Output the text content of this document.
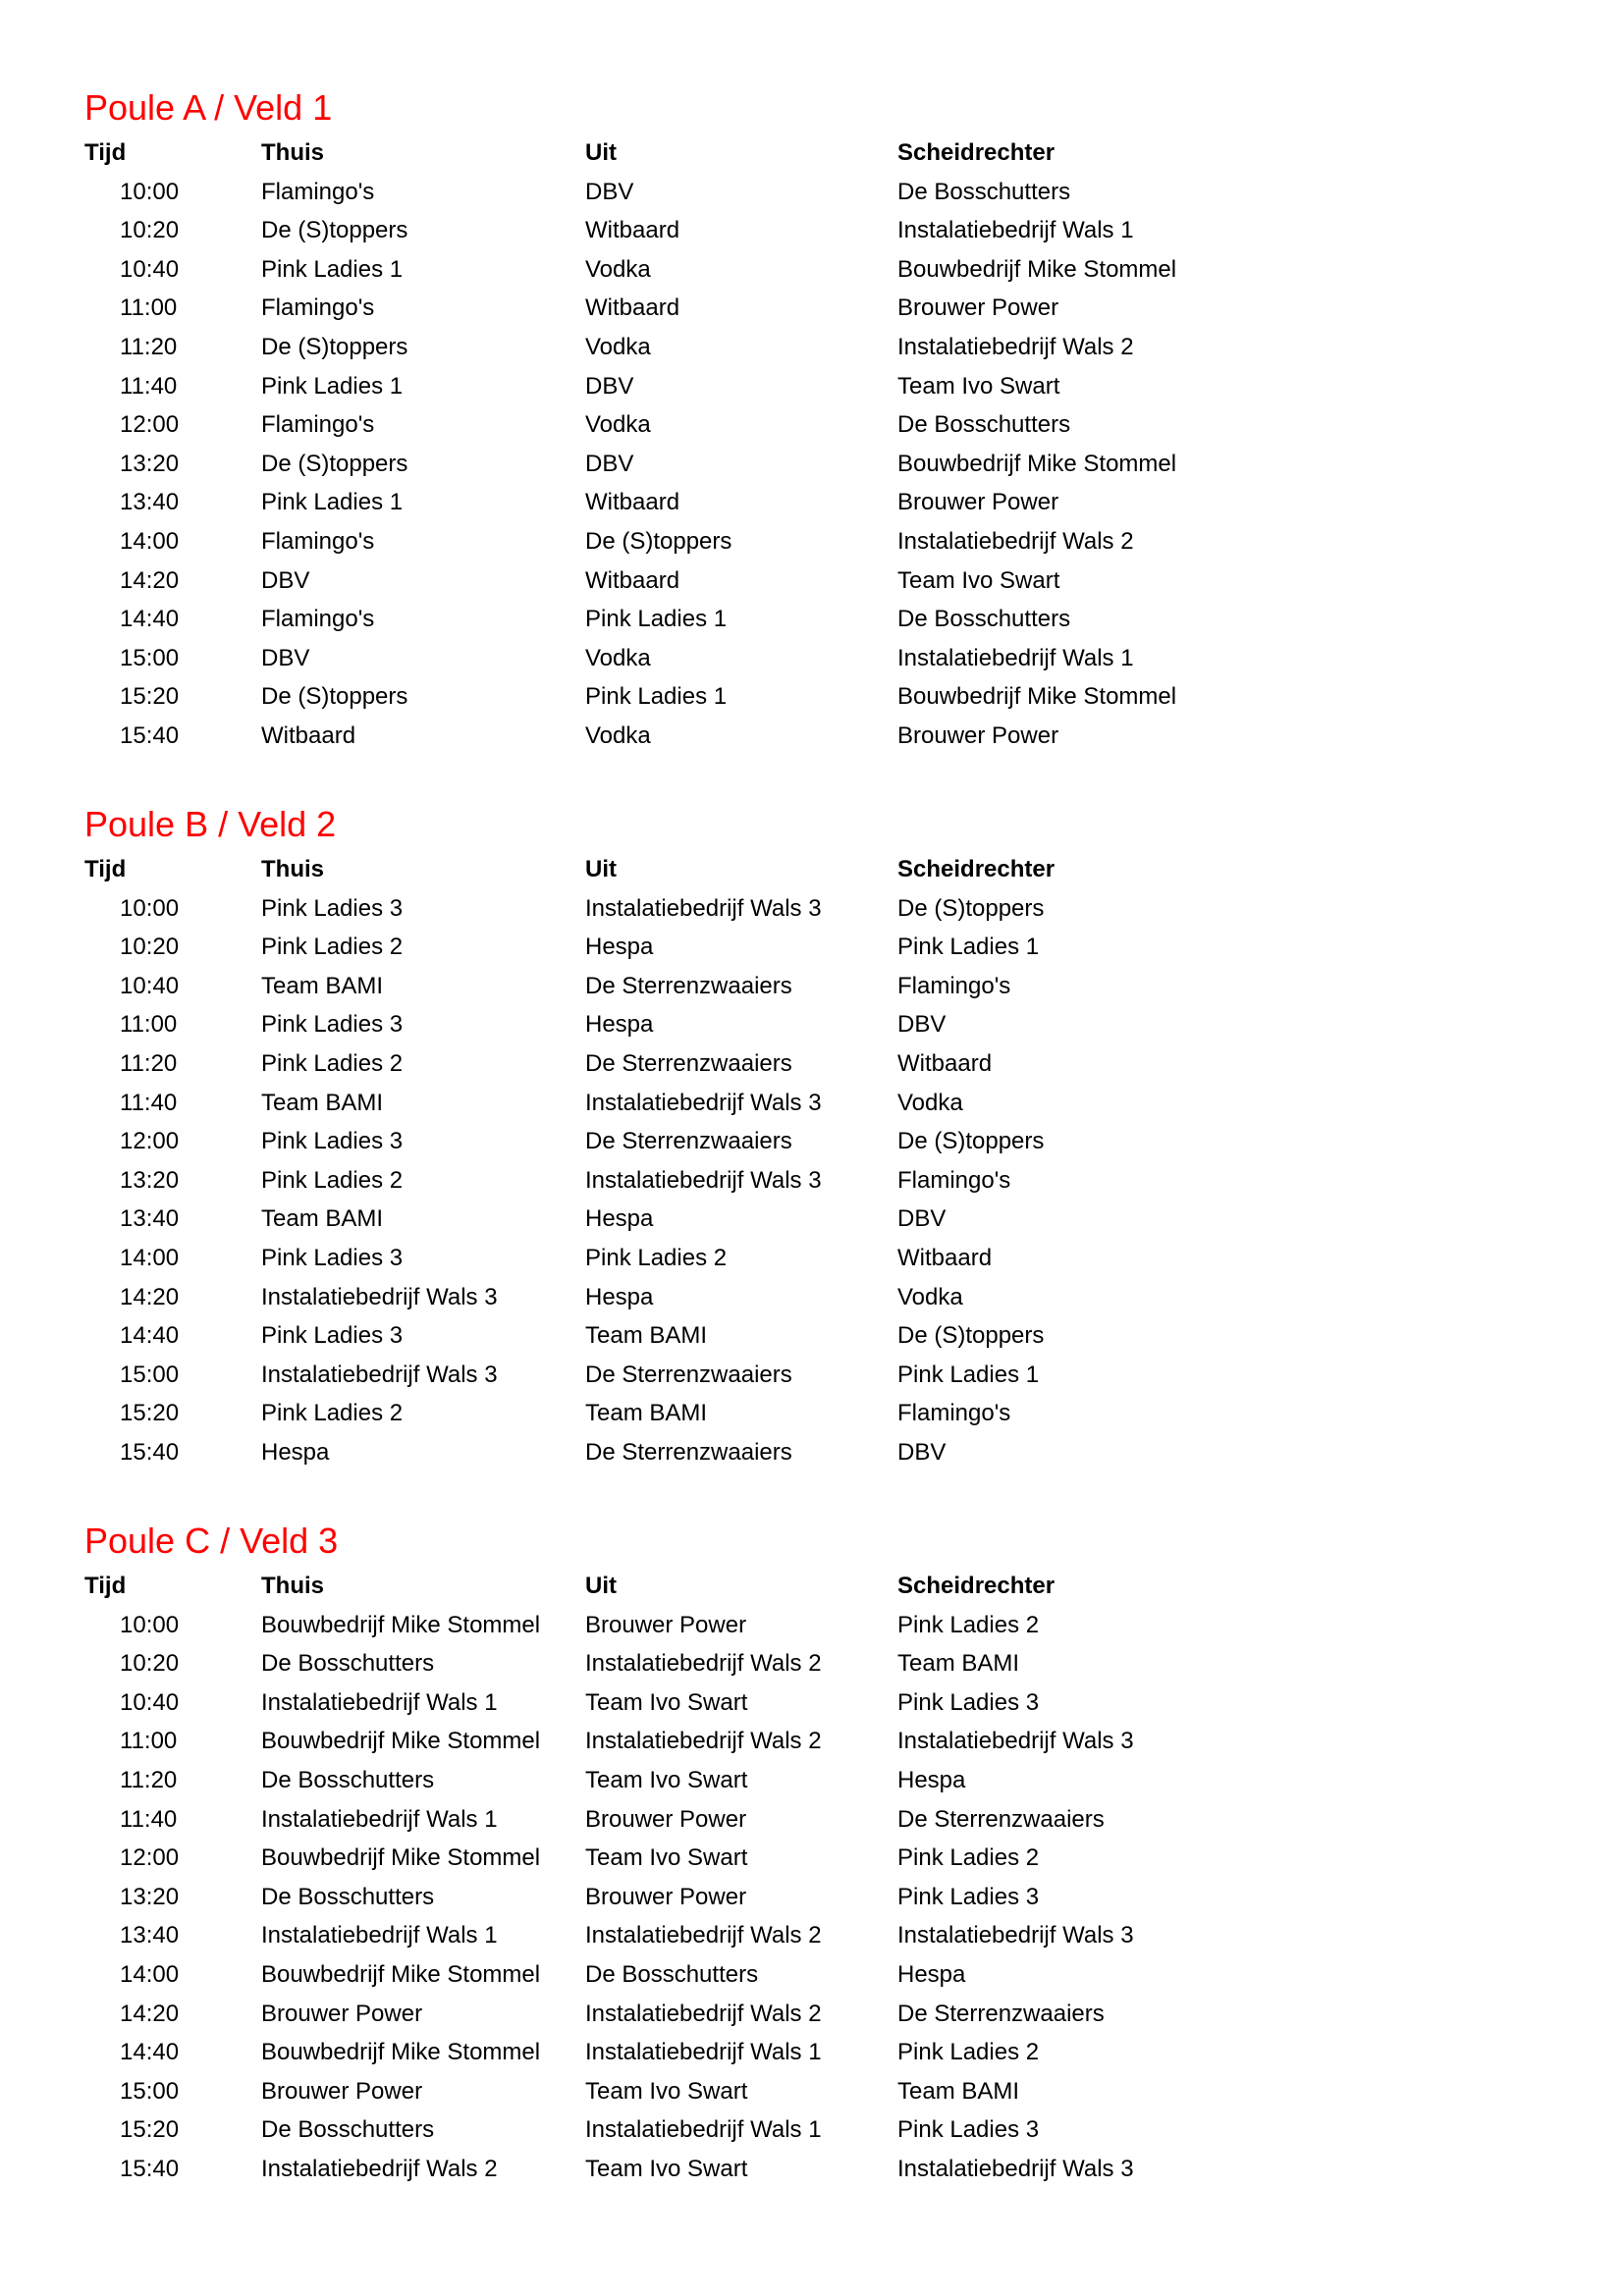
Poule A / Veld 1
Tijd	Thuis	Uit	Scheidrechter
10:00	Flamingo's	DBV	De Bosschutters
10:20	De (S)toppers	Witbaard	Instalatiebedrijf Wals 1
10:40	Pink Ladies 1	Vodka	Bouwbedrijf Mike Stommel
11:00	Flamingo's	Witbaard	Brouwer Power
11:20	De (S)toppers	Vodka	Instalatiebedrijf Wals 2
11:40	Pink Ladies 1	DBV	Team Ivo Swart
12:00	Flamingo's	Vodka	De Bosschutters
13:20	De (S)toppers	DBV	Bouwbedrijf Mike Stommel
13:40	Pink Ladies 1	Witbaard	Brouwer Power
14:00	Flamingo's	De (S)toppers	Instalatiebedrijf Wals 2
14:20	DBV	Witbaard	Team Ivo Swart
14:40	Flamingo's	Pink Ladies 1	De Bosschutters
15:00	DBV	Vodka	Instalatiebedrijf Wals 1
15:20	De (S)toppers	Pink Ladies 1	Bouwbedrijf Mike Stommel
15:40	Witbaard	Vodka	Brouwer Power
Poule B / Veld 2
Tijd	Thuis	Uit	Scheidrechter
10:00	Pink Ladies 3	Instalatiebedrijf Wals 3	De (S)toppers
10:20	Pink Ladies 2	Hespa	Pink Ladies 1
10:40	Team BAMI	De Sterrenzwaaiers	Flamingo's
11:00	Pink Ladies 3	Hespa	DBV
11:20	Pink Ladies 2	De Sterrenzwaaiers	Witbaard
11:40	Team BAMI	Instalatiebedrijf Wals 3	Vodka
12:00	Pink Ladies 3	De Sterrenzwaaiers	De (S)toppers
13:20	Pink Ladies 2	Instalatiebedrijf Wals 3	Flamingo's
13:40	Team BAMI	Hespa	DBV
14:00	Pink Ladies 3	Pink Ladies 2	Witbaard
14:20	Instalatiebedrijf Wals 3	Hespa	Vodka
14:40	Pink Ladies 3	Team BAMI	De (S)toppers
15:00	Instalatiebedrijf Wals 3	De Sterrenzwaaiers	Pink Ladies 1
15:20	Pink Ladies 2	Team BAMI	Flamingo's
15:40	Hespa	De Sterrenzwaaiers	DBV
Poule C / Veld 3
Tijd	Thuis	Uit	Scheidrechter
10:00	Bouwbedrijf Mike Stommel	Brouwer Power	Pink Ladies 2
10:20	De Bosschutters	Instalatiebedrijf Wals 2	Team BAMI
10:40	Instalatiebedrijf Wals 1	Team Ivo Swart	Pink Ladies 3
11:00	Bouwbedrijf Mike Stommel	Instalatiebedrijf Wals 2	Instalatiebedrijf Wals 3
11:20	De Bosschutters	Team Ivo Swart	Hespa
11:40	Instalatiebedrijf Wals 1	Brouwer Power	De Sterrenzwaaiers
12:00	Bouwbedrijf Mike Stommel	Team Ivo Swart	Pink Ladies 2
13:20	De Bosschutters	Brouwer Power	Pink Ladies 3
13:40	Instalatiebedrijf Wals 1	Instalatiebedrijf Wals 2	Instalatiebedrijf Wals 3
14:00	Bouwbedrijf Mike Stommel	De Bosschutters	Hespa
14:20	Brouwer Power	Instalatiebedrijf Wals 2	De Sterrenzwaaiers
14:40	Bouwbedrijf Mike Stommel	Instalatiebedrijf Wals 1	Pink Ladies 2
15:00	Brouwer Power	Team Ivo Swart	Team BAMI
15:20	De Bosschutters	Instalatiebedrijf Wals 1	Pink Ladies 3
15:40	Instalatiebedrijf Wals 2	Team Ivo Swart	Instalatiebedrijf Wals 3
